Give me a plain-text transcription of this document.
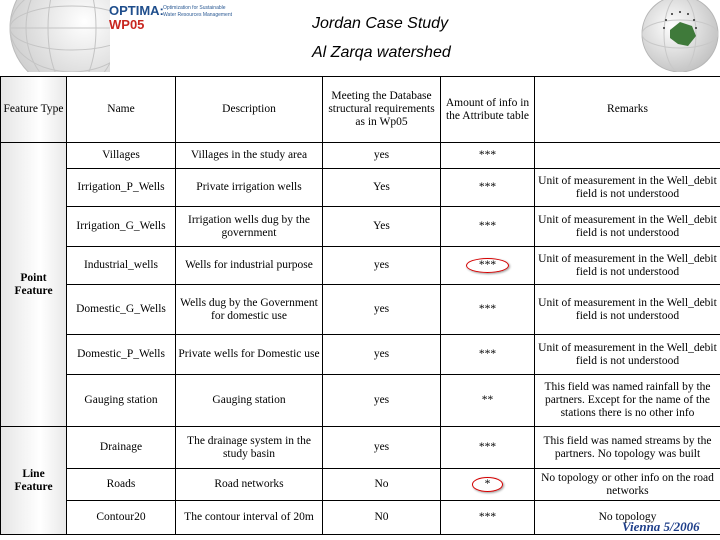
OPTIMA:
WP05
Optimization for Sustainable
Water Resources Management	Jordan Case Study
Al Zarqa watershed
Feature Type	Name	Description	Meeting the Database structural requirements as in Wp05	Amount of info in the Attribute table	Remarks
Point Feature	Villages	Villages in the study area	yes	***	
	Irrigation_P_Wells	Private irrigation wells	Yes	***	Unit of measurement in the Well_debit field is not understood
	Irrigation_G_Wells	Irrigation wells dug by the government	Yes	***	Unit of measurement in the Well_debit field is not understood
	Industrial_wells	Wells for industrial purpose	yes	***	Unit of measurement in the Well_debit field is not understood
	Domestic_G_Wells	Wells dug by the Government for domestic use	yes	***	Unit of measurement in the Well_debit field is not understood
	Domestic_P_Wells	Private wells for Domestic use	yes	***	Unit of measurement in the Well_debit field is not understood
	Gauging station	Gauging station	yes	**	This field was named rainfall by the partners. Except for the name of the stations there is no other info
Line Feature	Drainage	The drainage system in the study basin	yes	***	This field was named streams by the partners. No topology was built
	Roads	Road networks	No	*	No topology or other info on the road networks
	Contour20	The contour interval of 20m	N0	***	No topology
Vienna 5/2006
